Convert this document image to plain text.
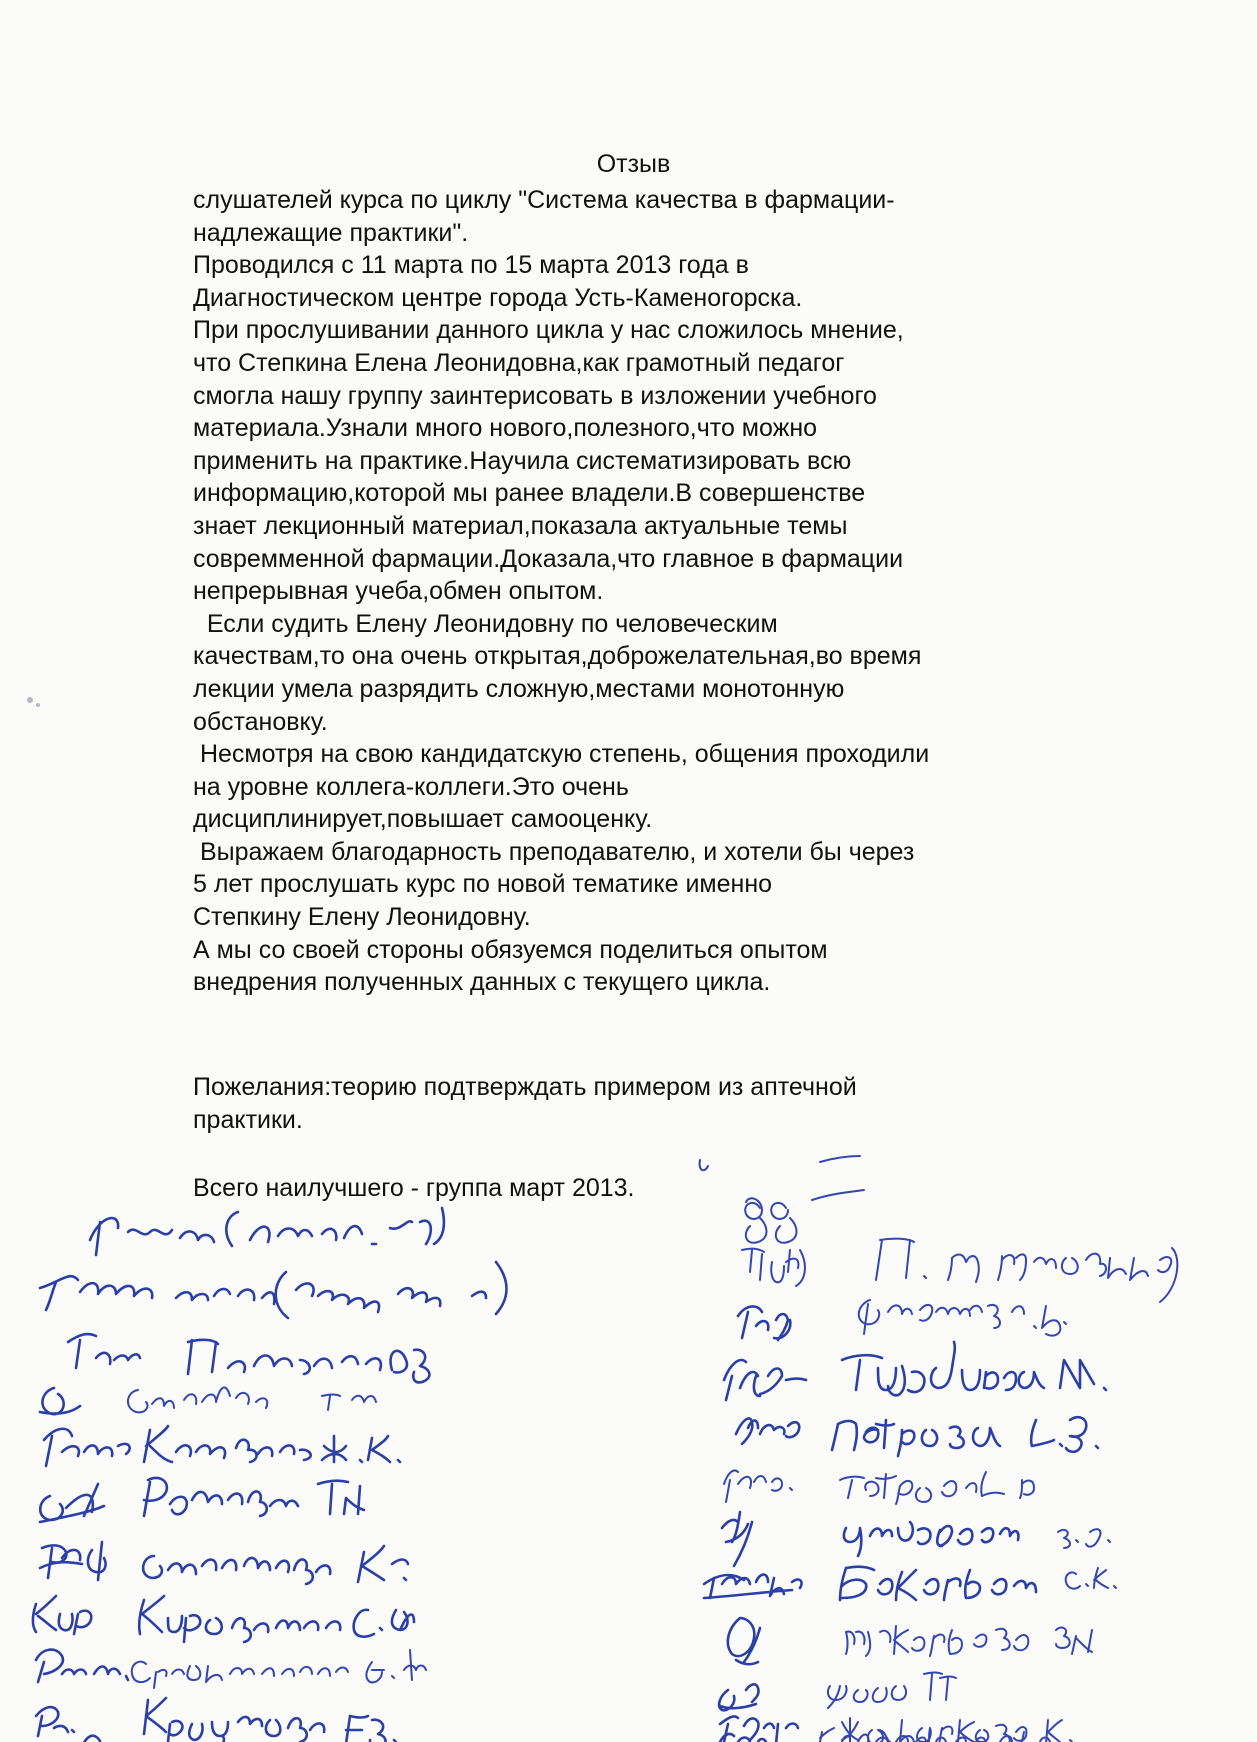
Отзыв
слушателей курса по циклу "Система качества в фармации-
надлежащие практики".
Проводился с 11 марта по 15 марта 2013 года в
Диагностическом центре города Усть-Каменогорска.
При прослушивании данного цикла у нас сложилось мнение,
что Степкина Елена Леонидовна,как грамотный педагог
смогла нашу группу заинтерисовать в изложении учебного
материала.Узнали много нового,полезного,что можно
применить на практике.Научила систематизировать всю
информацию,которой мы ранее владели.В совершенстве
знает лекционный материал,показала актуальные темы
совремменной фармации.Доказала,что главное в фармации
непрерывная учеба,обмен опытом.
Если судить Елену Леонидовну по человеческим
качествам,то она очень открытая,доброжелательная,во время
лекции умела разрядить сложную,местами монотонную
обстановку.
Несмотря на свою кандидатскую степень, общения проходили
на уровне коллега-коллеги.Это очень
дисциплинирует,повышает самооценку.
Выражаем благодарность преподавателю, и хотели бы через
5 лет прослушать курс по новой тематике именно
Степкину Елену Леонидовну.
А мы со своей стороны обязуемся поделиться опытом
внедрения полученных данных с текущего цикла.
Пожелания:теорию подтверждать примером из аптечной
практики.
Всего наилучшего - группа март 2013.
